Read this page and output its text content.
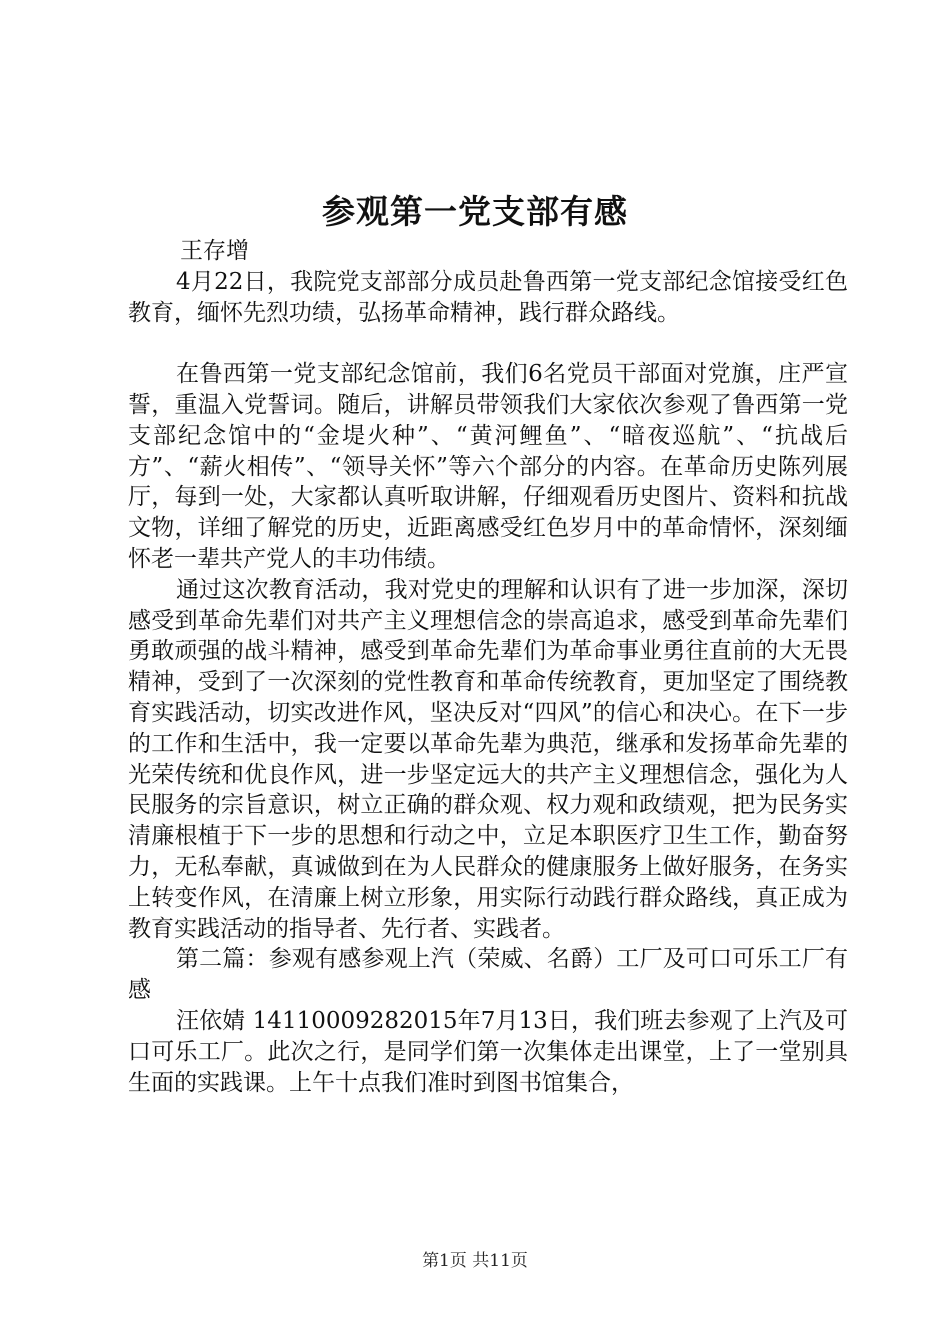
参观第一党支部有感

王存增

4月22日，我院党支部部分成员赴鲁西第一党支部纪念馆接受红色教育，缅怀先烈功绩，弘扬革命精神，践行群众路线。

在鲁西第一党支部纪念馆前，我们6名党员干部面对党旗，庄严宣誓，重温入党誓词。随后，讲解员带领我们大家依次参观了鲁西第一党支部纪念馆中的“金堤火种”、“黄河鲤鱼”、“暗夜巡航”、“抗战后方”、“薪火相传”、“领导关怀”等六个部分的内容。在革命历史陈列展厅，每到一处，大家都认真听取讲解，仔细观看历史图片、资料和抗战文物，详细了解党的历史，近距离感受红色岁月中的革命情怀，深刻缅怀老一辈共产党人的丰功伟绩。

通过这次教育活动，我对党史的理解和认识有了进一步加深，深切感受到革命先辈们对共产主义理想信念的崇高追求，感受到革命先辈们勇敢顽强的战斗精神，感受到革命先辈们为革命事业勇往直前的大无畏精神，受到了一次深刻的党性教育和革命传统教育，更加坚定了围绕教育实践活动，切实改进作风，坚决反对“四风”的信心和决心。在下一步的工作和生活中，我一定要以革命先辈为典范，继承和发扬革命先辈的光荣传统和优良作风，进一步坚定远大的共产主义理想信念，强化为人民服务的宗旨意识，树立正确的群众观、权力观和政绩观，把为民务实清廉根植于下一步的思想和行动之中，立足本职医疗卫生工作，勤奋努力，无私奉献，真诚做到在为人民群众的健康服务上做好服务，在务实上转变作风，在清廉上树立形象，用实际行动践行群众路线，真正成为教育实践活动的指导者、先行者、实践者。

第二篇：参观有感参观上汽（荣威、名爵）工厂及可口可乐工厂有感

汪依婧 14110009282015年7月13日，我们班去参观了上汽及可口可乐工厂。此次之行，是同学们第一次集体走出课堂，上了一堂别具生面的实践课。上午十点我们准时到图书馆集合，

第1页 共11页
